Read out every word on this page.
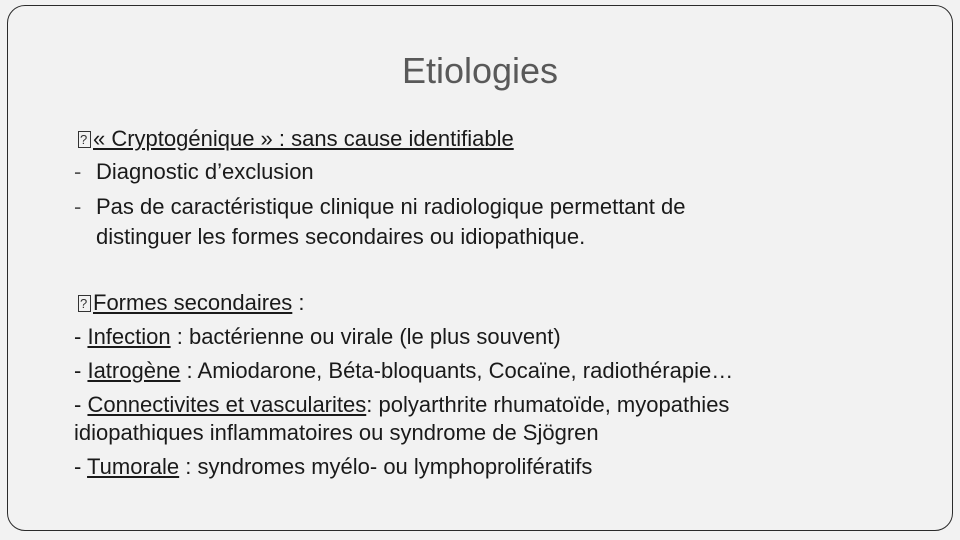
Etiologies
?« Cryptogénique » : sans cause identifiable
- Diagnostic d’exclusion
- Pas de caractéristique clinique ni radiologique permettant de
distinguer les formes secondaires ou idiopathique.
?Formes secondaires :
- Infection : bactérienne ou virale (le plus souvent)
- Iatrogène : Amiodarone, Béta-bloquants, Cocaïne, radiothérapie…
- Connectivites et vascularites: polyarthrite rhumatoïde, myopathies
idiopathiques inflammatoires ou syndrome de Sjögren
- Tumorale : syndromes myélo- ou lymphoprolifératifs
